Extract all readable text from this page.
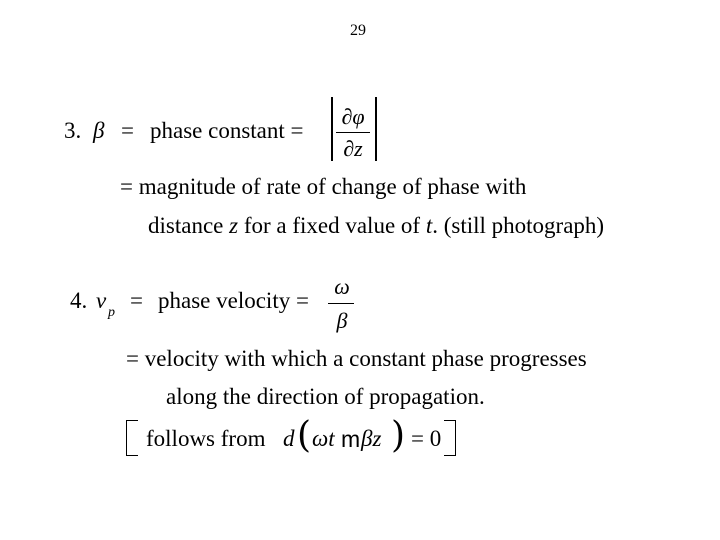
29
3. β = phase constant =
∂φ
∂z
= magnitude of rate of change of phase with
distance z for a fixed value of t. (still photograph)
4. v p = phase velocity =
ω
β
= velocity with which a constant phase progresses
along the direction of propagation.
follows from d ( ωt m βz ) = 0
